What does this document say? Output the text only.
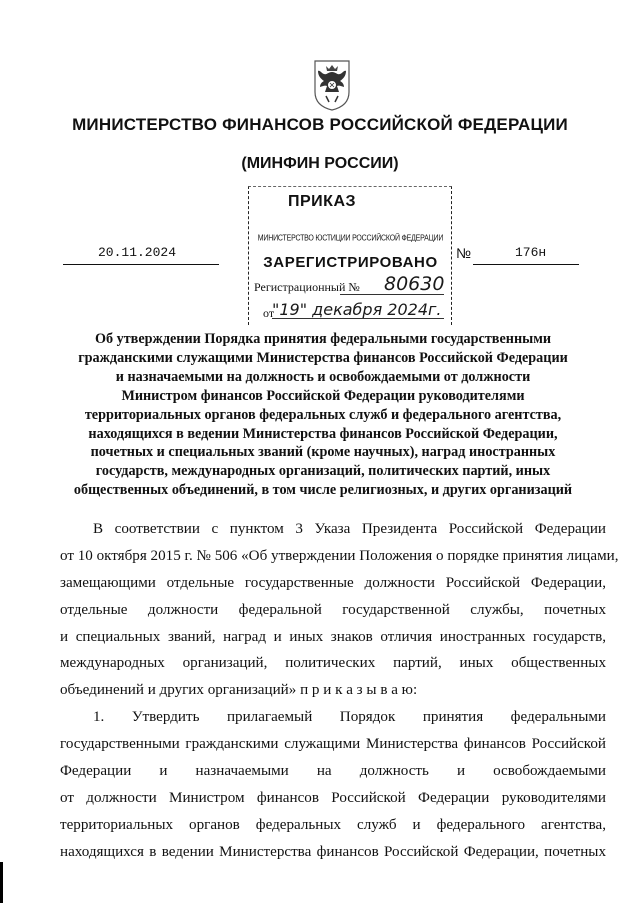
МИНИСТЕРСТВО ФИНАНСОВ РОССИЙСКОЙ ФЕДЕРАЦИИ
(МИНФИН РОССИИ)
ПРИКАЗ
20.11.2024	№	176н
МИНИСТЕРСТВО ЮСТИЦИИ РОССИЙСКОЙ ФЕДЕРАЦИИ
ЗАРЕГИСТРИРОВАНО
Регистрационный № 80630
от
"19" декабря 2024г.
Об утверждении Порядка принятия федеральными государственными
гражданскими служащими Министерства финансов Российской Федерации
и назначаемыми на должность и освобождаемыми от должности
Министром финансов Российской Федерации руководителями
территориальных органов федеральных служб и федерального агентства,
находящихся в ведении Министерства финансов Российской Федерации,
почетных и специальных званий (кроме научных), наград иностранных
государств, международных организаций, политических партий, иных
общественных объединений, в том числе религиозных, и других организаций
В соответствии с пунктом 3 Указа Президента Российской Федерации
от 10 октября 2015 г. № 506 «Об утверждении Положения о порядке принятия лицами,
замещающими отдельные государственные должности Российской Федерации,
отдельные должности федеральной государственной службы, почетных
и специальных званий, наград и иных знаков отличия иностранных государств,
международных организаций, политических партий, иных общественных
объединений и других организаций» п р и к а з ы в а ю:
1. Утвердить прилагаемый Порядок принятия федеральными
государственными гражданскими служащими Министерства финансов Российской
Федерации и назначаемыми на должность и освобождаемыми
от должности Министром финансов Российской Федерации руководителями
территориальных органов федеральных служб и федерального агентства,
находящихся в ведении Министерства финансов Российской Федерации, почетных
